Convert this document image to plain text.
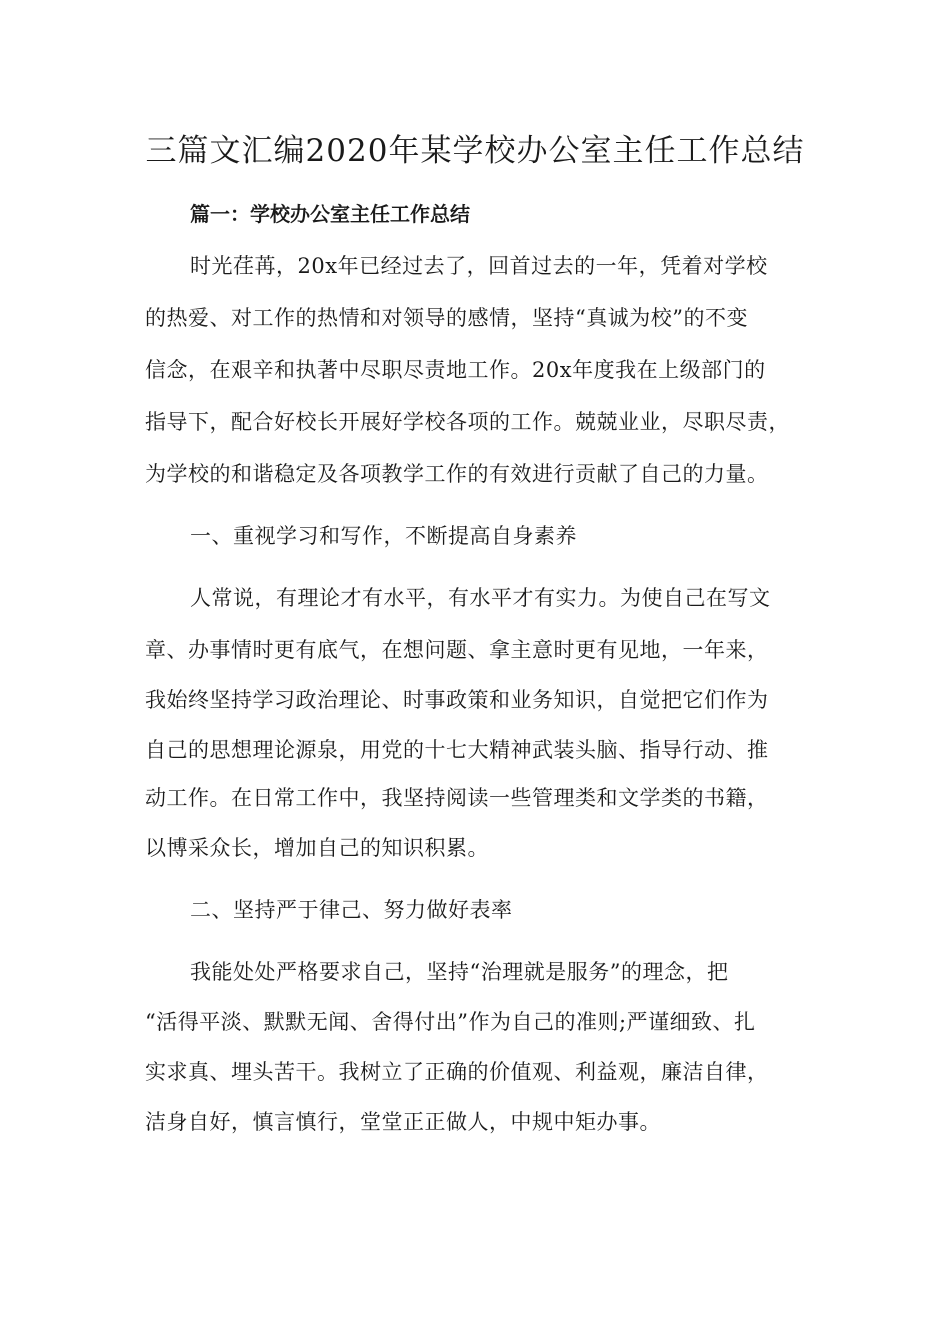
三篇文汇编2020年某学校办公室主任工作总结
篇一：学校办公室主任工作总结
时光荏苒，20x年已经过去了，回首过去的一年，凭着对学校
的热爱、对工作的热情和对领导的感情，坚持“真诚为校”的不变
信念，在艰辛和执著中尽职尽责地工作。20x年度我在上级部门的
指导下，配合好校长开展好学校各项的工作。兢兢业业，尽职尽责，
为学校的和谐稳定及各项教学工作的有效进行贡献了自己的力量。
一、重视学习和写作，不断提高自身素养
人常说，有理论才有水平，有水平才有实力。为使自己在写文
章、办事情时更有底气，在想问题、拿主意时更有见地，一年来，
我始终坚持学习政治理论、时事政策和业务知识，自觉把它们作为
自己的思想理论源泉，用党的十七大精神武装头脑、指导行动、推
动工作。在日常工作中，我坚持阅读一些管理类和文学类的书籍，
以博采众长，增加自己的知识积累。
二、坚持严于律己、努力做好表率
我能处处严格要求自己，坚持“治理就是服务”的理念，把
“活得平淡、默默无闻、舍得付出”作为自己的准则;严谨细致、扎
实求真、埋头苦干。我树立了正确的价值观、利益观，廉洁自律，
洁身自好，慎言慎行，堂堂正正做人，中规中矩办事。
